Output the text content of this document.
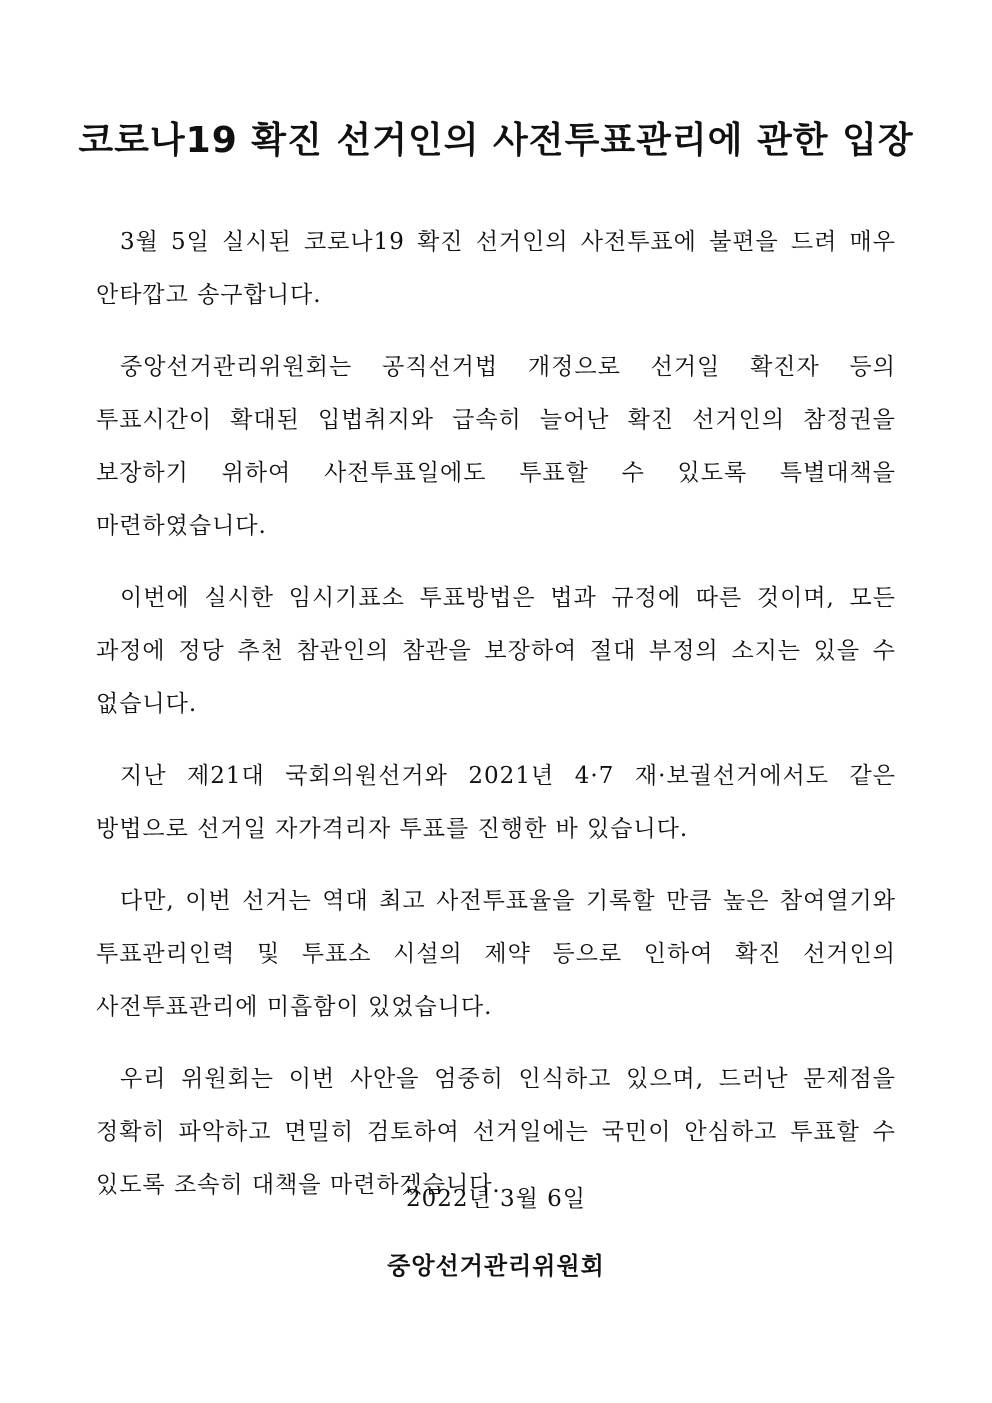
코로나19 확진 선거인의 사전투표관리에 관한 입장

3월 5일 실시된 코로나19 확진 선거인의 사전투표에 불편을 드려 매우 안타깝고 송구합니다.

중앙선거관리위원회는 공직선거법 개정으로 선거일 확진자 등의 투표시간이 확대된 입법취지와 급속히 늘어난 확진 선거인의 참정권을 보장하기 위하여 사전투표일에도 투표할 수 있도록 특별대책을 마련하였습니다.

이번에 실시한 임시기표소 투표방법은 법과 규정에 따른 것이며, 모든 과정에 정당 추천 참관인의 참관을 보장하여 절대 부정의 소지는 있을 수 없습니다.

지난 제21대 국회의원선거와 2021년 4·7 재·보궐선거에서도 같은 방법으로 선거일 자가격리자 투표를 진행한 바 있습니다.

다만, 이번 선거는 역대 최고 사전투표율을 기록할 만큼 높은 참여열기와 투표관리인력 및 투표소 시설의 제약 등으로 인하여 확진 선거인의 사전투표관리에 미흡함이 있었습니다.

우리 위원회는 이번 사안을 엄중히 인식하고 있으며, 드러난 문제점을 정확히 파악하고 면밀히 검토하여 선거일에는 국민이 안심하고 투표할 수 있도록 조속히 대책을 마련하겠습니다.

2022년 3월 6일
중앙선거관리위원회
